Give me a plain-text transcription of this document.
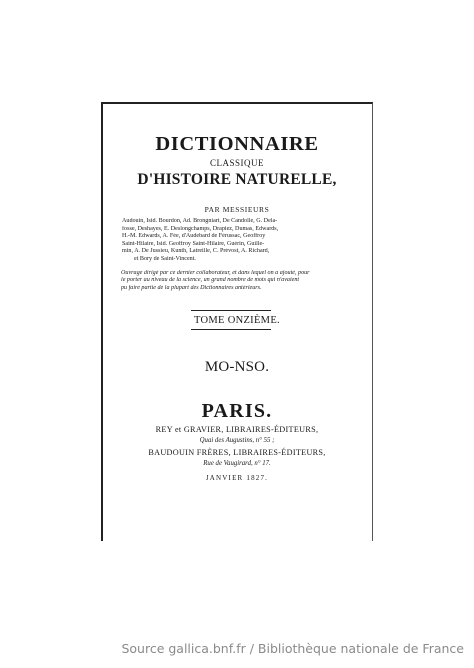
DICTIONNAIRE
CLASSIQUE
D'HISTOIRE NATURELLE,
PAR MESSIEURS
Audouin, Isid. Bourdon, Ad. Brongniart, De Candolle, G. Dela-
fosse, Deshayes, E. Deslongchamps, Drapiez, Dumas, Edwards,
H.-M. Edwards, A. Fée, d'Audebard de Férussac, Geoffroy
Saint-Hilaire, Isid. Geoffroy Saint-Hilaire, Guérin, Guille-
min, A. De Jussieu, Kunth, Latreille, C. Prévost, A. Richard,
et Bory de Saint-Vincent.
Ouvrage dirigé par ce dernier collaborateur, et dans lequel on a ajouté, pour
le porter au niveau de la science, un grand nombre de mots qui n'avaient
pu faire partie de la plupart des Dictionnaires antérieurs.
TOME ONZIÈME.
MO-NSO.
PARIS.
REY et GRAVIER, LIBRAIRES-ÉDITEURS,
Quai des Augustins, n° 55 ;
BAUDOUIN FRÈRES, LIBRAIRES-ÉDITEURS,
Rue de Vaugirard, n° 17.
JANVIER 1827.
Source gallica.bnf.fr / Bibliothèque nationale de France
